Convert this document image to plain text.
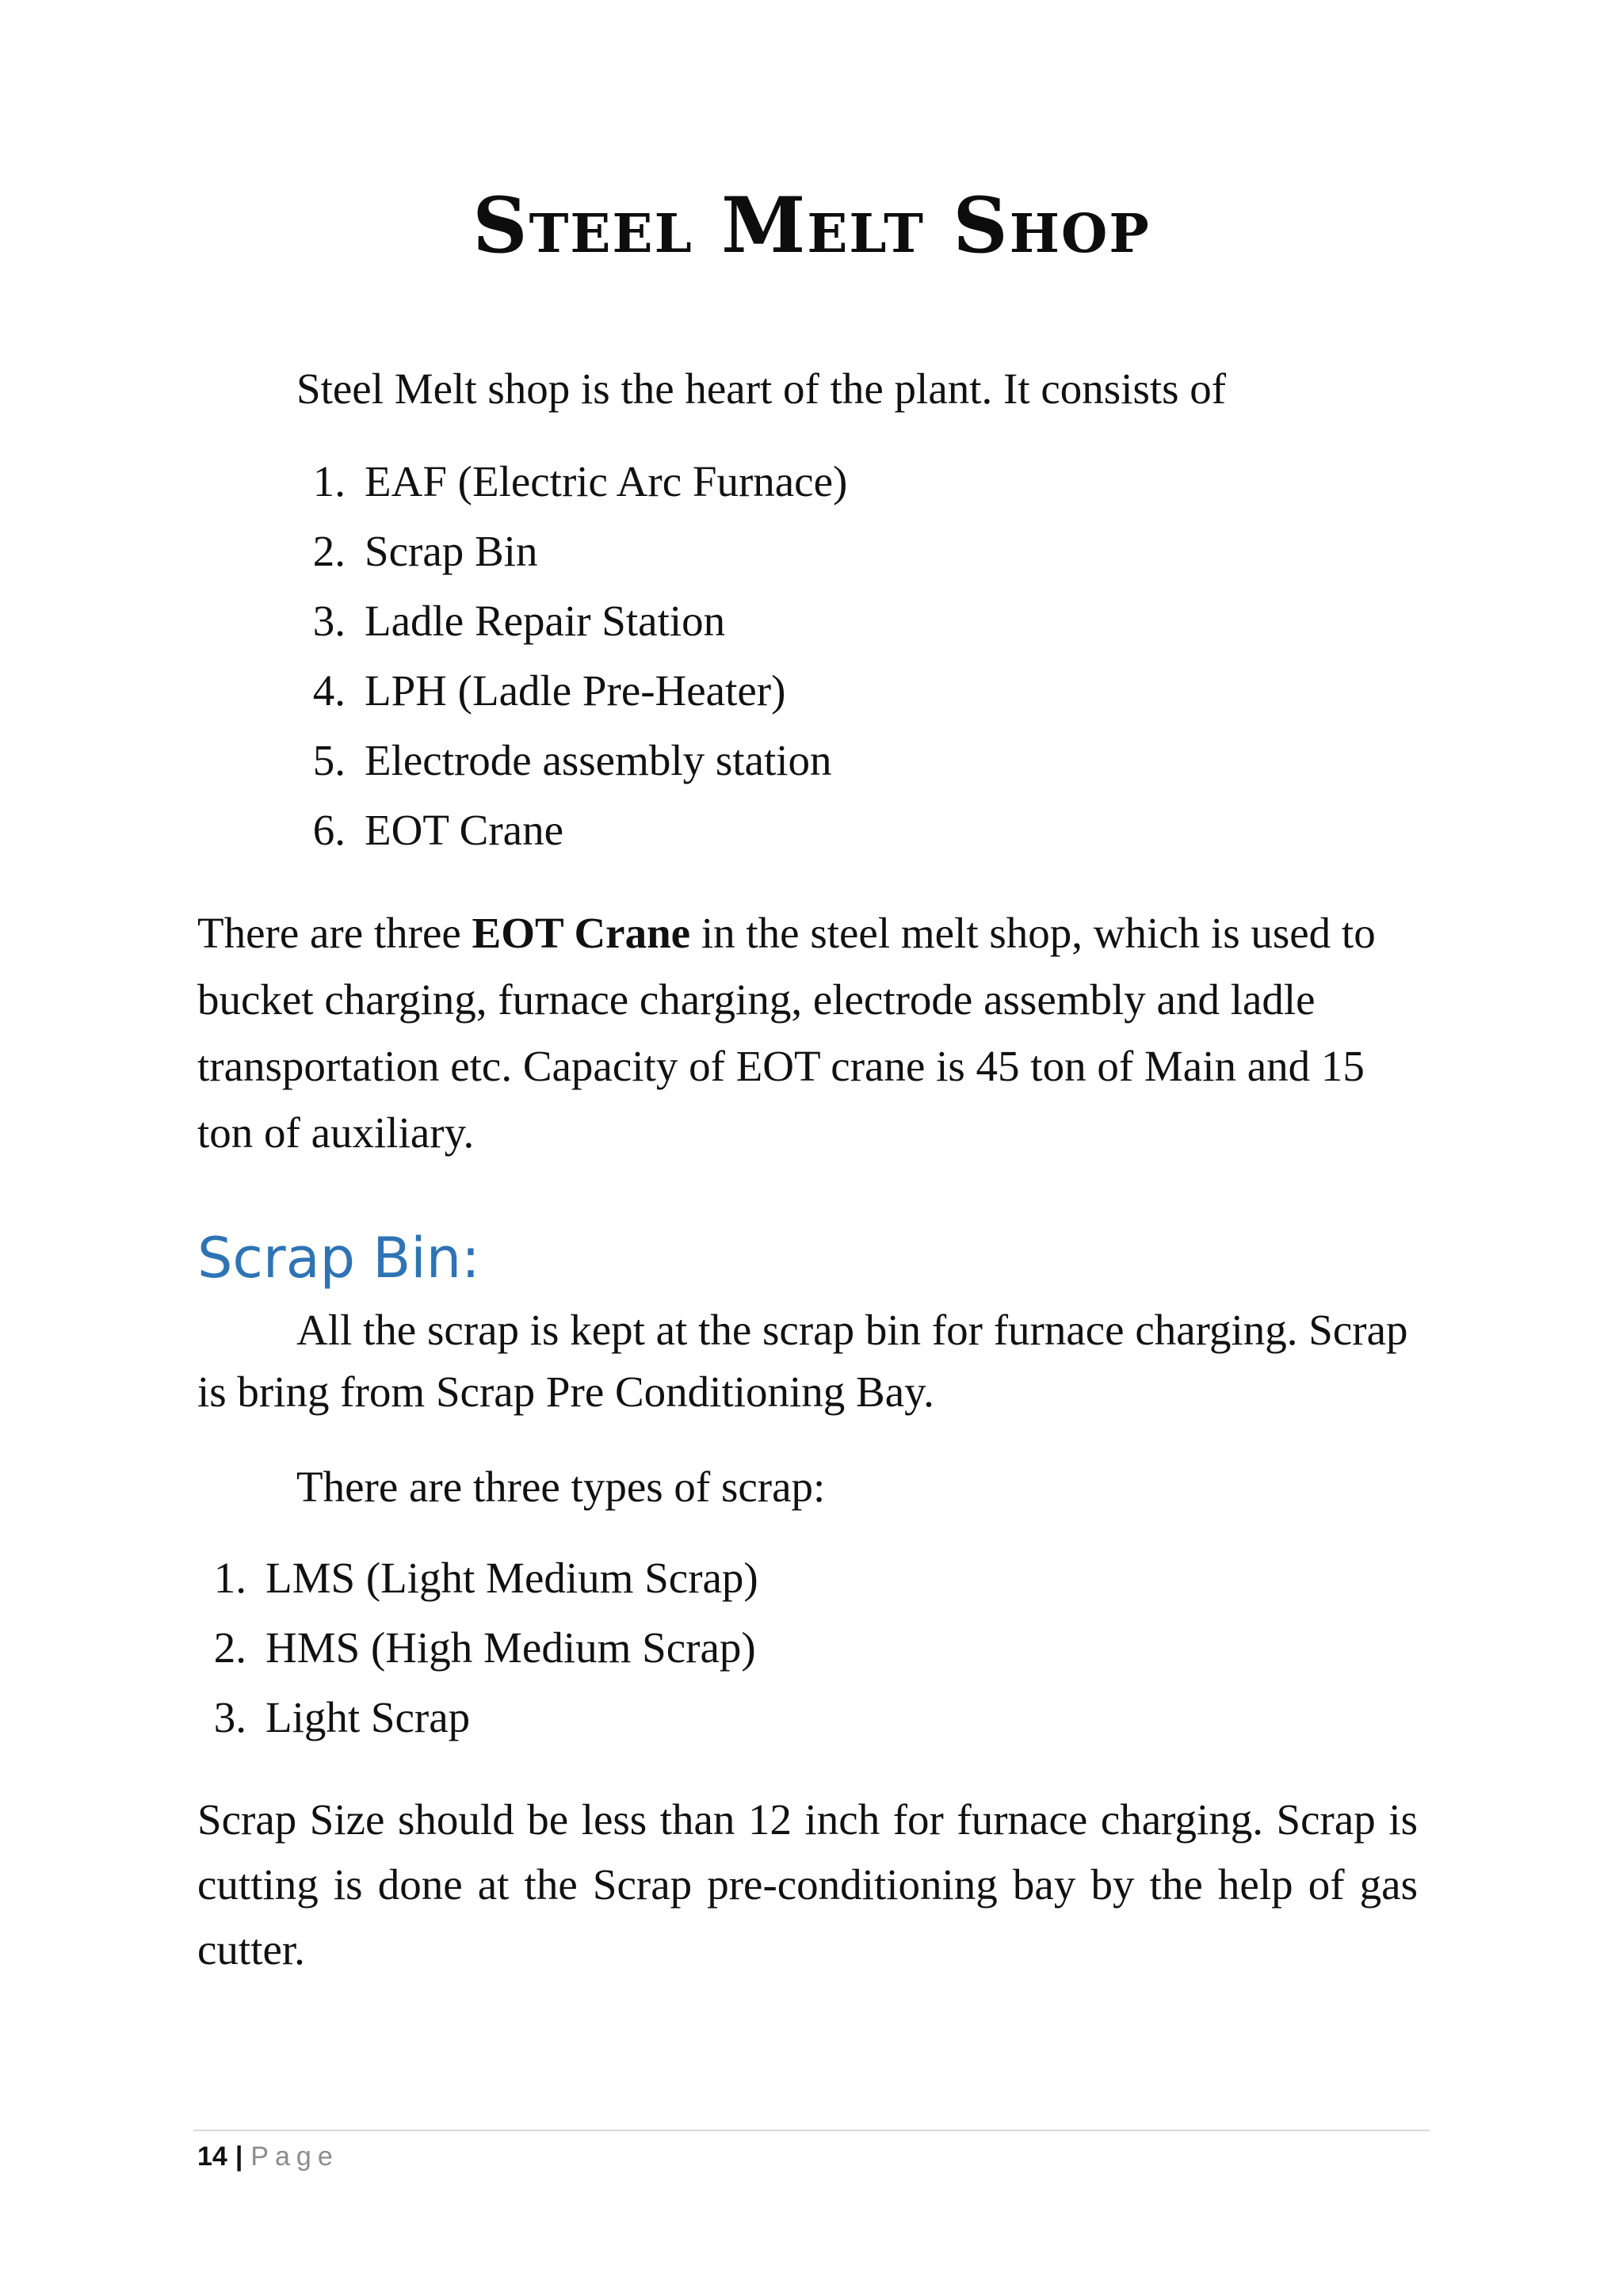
Steel Melt Shop

Steel Melt shop is the heart of the plant. It consists of

1. EAF (Electric Arc Furnace)
2. Scrap Bin
3. Ladle Repair Station
4. LPH (Ladle Pre-Heater)
5. Electrode assembly station
6. EOT Crane

There are three EOT Crane in the steel melt shop, which is used to bucket charging, furnace charging, electrode assembly and ladle transportation etc. Capacity of EOT crane is 45 ton of Main and 15 ton of auxiliary.

Scrap Bin:

All the scrap is kept at the scrap bin for furnace charging. Scrap is bring from Scrap Pre Conditioning Bay.

There are three types of scrap:

1. LMS (Light Medium Scrap)
2. HMS (High Medium Scrap)
3. Light Scrap

Scrap Size should be less than 12 inch for furnace charging. Scrap is cutting is done at the Scrap pre-conditioning bay by the help of gas cutter.

14 | Page
